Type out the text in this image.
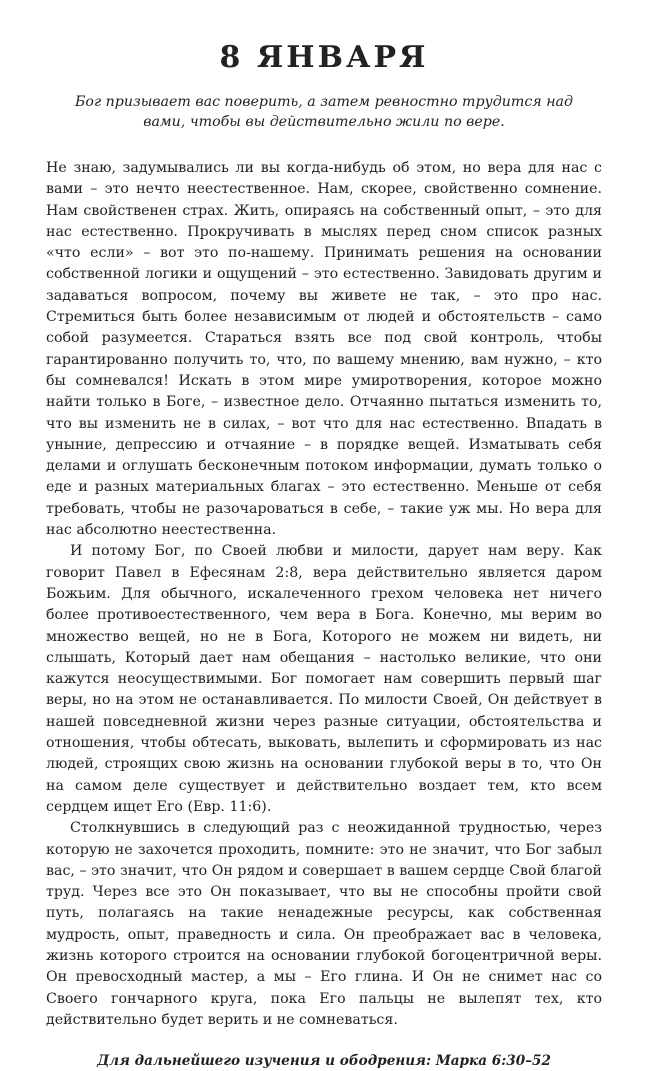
8 ЯНВАРЯ
Бог призывает вас поверить, а затем ревностно трудится над вами, чтобы вы действительно жили по вере.

Не знаю, задумывались ли вы когда-нибудь об этом, но вера для нас с вами – это нечто неестественное. Нам, скорее, свойственно сомнение. Нам свойственен страх. Жить, опираясь на собственный опыт, – это для нас естественно. Прокручивать в мыслях перед сном список разных «что если» – вот это по-нашему. Принимать решения на основании собственной логики и ощущений – это естественно. Завидовать другим и задаваться вопросом, почему вы живете не так, – это про нас. Стремиться быть более независимым от людей и обстоятельств – само собой разумеется. Стараться взять все под свой контроль, чтобы гарантированно получить то, что, по вашему мнению, вам нужно, – кто бы сомневался! Искать в этом мире умиротворения, которое можно найти только в Боге, – известное дело. Отчаянно пытаться изменить то, что вы изменить не в силах, – вот что для нас естественно. Впадать в уныние, депрессию и отчаяние – в порядке вещей. Изматывать себя делами и оглушать бесконечным потоком информации, думать только о еде и разных материальных благах – это естественно. Меньше от себя требовать, чтобы не разочароваться в себе, – такие уж мы. Но вера для нас абсолютно неестественна.

И потому Бог, по Своей любви и милости, дарует нам веру. Как говорит Павел в Ефесянам 2:8, вера действительно является даром Божьим. Для обычного, искалеченного грехом человека нет ничего более противоестественного, чем вера в Бога. Конечно, мы верим во множество вещей, но не в Бога, Которого не можем ни видеть, ни слышать, Который дает нам обещания – настолько великие, что они кажутся неосуществимыми. Бог помогает нам совершить первый шаг веры, но на этом не останавливается. По милости Своей, Он действует в нашей повседневной жизни через разные ситуации, обстоятельства и отношения, чтобы обтесать, выковать, вылепить и сформировать из нас людей, строящих свою жизнь на основании глубокой веры в то, что Он на самом деле существует и действительно воздает тем, кто всем сердцем ищет Его (Евр. 11:6).

Столкнувшись в следующий раз с неожиданной трудностью, через которую не захочется проходить, помните: это не значит, что Бог забыл вас, – это значит, что Он рядом и совершает в вашем сердце Свой благой труд. Через все это Он показывает, что вы не способны пройти свой путь, полагаясь на такие ненадежные ресурсы, как собственная мудрость, опыт, праведность и сила. Он преображает вас в человека, жизнь которого строится на основании глубокой богоцентричной веры. Он превосходный мастер, а мы – Его глина. И Он не снимет нас со Своего гончарного круга, пока Его пальцы не вылепят тех, кто действительно будет верить и не сомневаться.

Для дальнейшего изучения и ободрения: Марка 6:30–52
